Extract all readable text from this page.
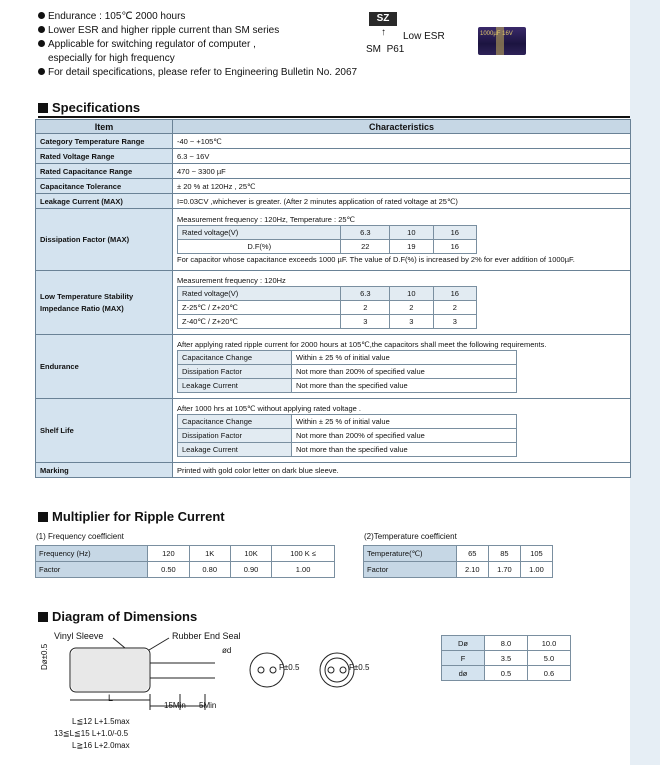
Endurance : 105℃ 2000 hours
Lower ESR and higher ripple current than SM series
Applicable for switching regulator of computer ,
especially for high frequency
For detail specifications, please refer to Engineering Bulletin No. 2067
SZ
↑ Low ESR
SM P61
1000µF 16V
Specifications
Item	Characteristics
Category Temperature Range	-40 ~ +105℃
Rated Voltage Range	6.3 ~ 16V
Rated Capacitance Range	470 ~ 3300 µF
Capacitance Tolerance	± 20 % at 120Hz , 25℃
Leakage Current (MAX)	I=0.03CV ,whichever is greater. (After 2 minutes application of rated voltage at 25℃)
Dissipation Factor (MAX)	
Measurement frequency : 120Hz, Temperature : 25℃
Rated voltage(V)	6.3	10	16
D.F(%)	22	19	16
For capacitor whose capacitance exceeds 1000 µF. The value of D.F(%) is increased by 2% for ever addition of 1000µF.

Low Temperature Stability
Impedance Ratio (MAX)

Measurement frequency : 120Hz
Rated voltage(V)	6.3	10	16
Z-25℃ / Z+20℃	2	2	2
Z-40℃ / Z+20℃	3	3	3

Endurance	
After applying rated ripple current for 2000 hours at 105℃,the capacitors shall meet the following requirements.
Capacitance Change	Within ± 25 % of initial value
Dissipation Factor	Not more than 200% of specified value
Leakage Current	Not more than the specified value

Shelf Life	
After 1000 hrs at 105℃ without applying rated voltage .
Capacitance Change	Within ± 25 % of initial value
Dissipation Factor	Not more than 200% of specified value
Leakage Current	Not more than the specified value

Marking	Printed with gold color letter on dark blue sleeve.
Multiplier for Ripple Current
(1) Frequency coefficient
Frequency (Hz)	120	1K	10K	100 K ≤
Factor	0.50	0.80	0.90	1.00
(2)Temperature coefficient
Temperature(℃)	65	85	105
Factor	2.10	1.70	1.00
Diagram of Dimensions
Vinyl Sleeve	Rubber End Seal
ød
Dø±0.5
L
15Min 5Min
F±0.5	F±0.5
L≦12 L+1.5max
13≦L≦15 L+1.0/-0.5
L≧16 L+2.0max
Dø	8.0	10.0
F	3.5	5.0
dø	0.5	0.6
